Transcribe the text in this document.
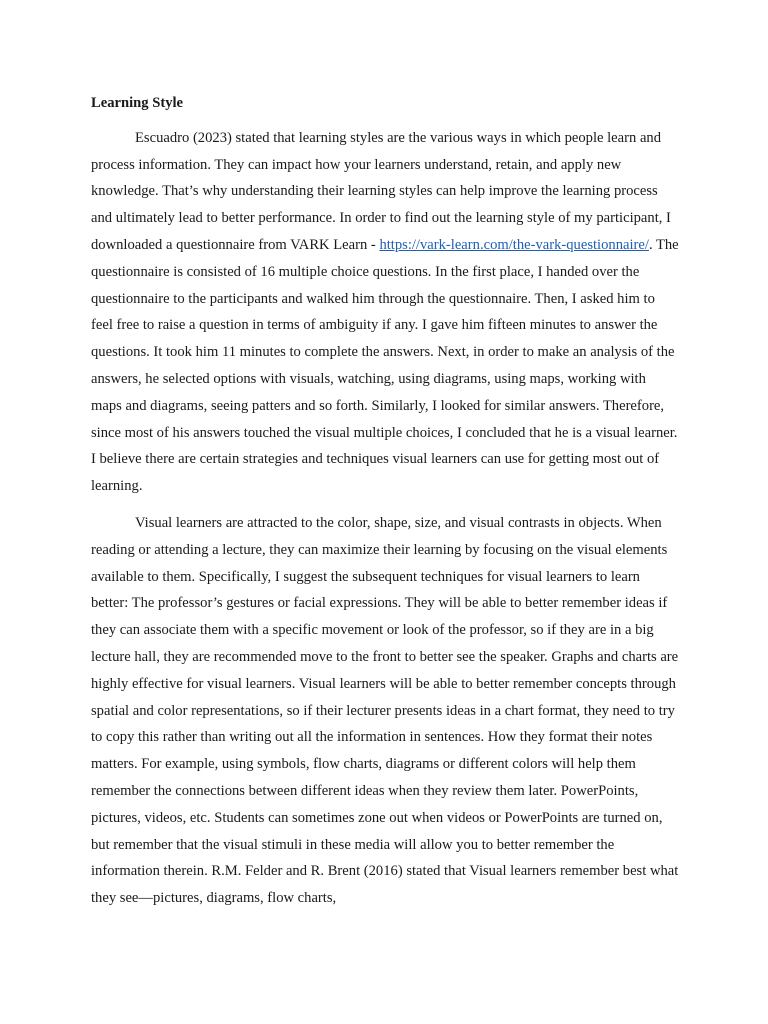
Learning Style

Escuadro (2023) stated that learning styles are the various ways in which people learn and process information. They can impact how your learners understand, retain, and apply new knowledge. That’s why understanding their learning styles can help improve the learning process and ultimately lead to better performance. In order to find out the learning style of my participant, I downloaded a questionnaire from VARK Learn - https://vark-learn.com/the-vark-questionnaire/. The questionnaire is consisted of 16 multiple choice questions. In the first place, I handed over the questionnaire to the participants and walked him through the questionnaire. Then, I asked him to feel free to raise a question in terms of ambiguity if any. I gave him fifteen minutes to answer the questions. It took him 11 minutes to complete the answers. Next, in order to make an analysis of the answers, he selected options with visuals, watching, using diagrams, using maps, working with maps and diagrams, seeing patters and so forth. Similarly, I looked for similar answers. Therefore, since most of his answers touched the visual multiple choices, I concluded that he is a visual learner. I believe there are certain strategies and techniques visual learners can use for getting most out of learning.

Visual learners are attracted to the color, shape, size, and visual contrasts in objects. When reading or attending a lecture, they can maximize their learning by focusing on the visual elements available to them. Specifically, I suggest the subsequent techniques for visual learners to learn better: The professor’s gestures or facial expressions. They will be able to better remember ideas if they can associate them with a specific movement or look of the professor, so if they are in a big lecture hall, they are recommended move to the front to better see the speaker. Graphs and charts are highly effective for visual learners. Visual learners will be able to better remember concepts through spatial and color representations, so if their lecturer presents ideas in a chart format, they need to try to copy this rather than writing out all the information in sentences. How they format their notes matters. For example, using symbols, flow charts, diagrams or different colors will help them remember the connections between different ideas when they review them later. PowerPoints, pictures, videos, etc. Students can sometimes zone out when videos or PowerPoints are turned on, but remember that the visual stimuli in these media will allow you to better remember the information therein. R.M. Felder and R. Brent (2016) stated that Visual learners remember best what they see—pictures, diagrams, flow charts,
